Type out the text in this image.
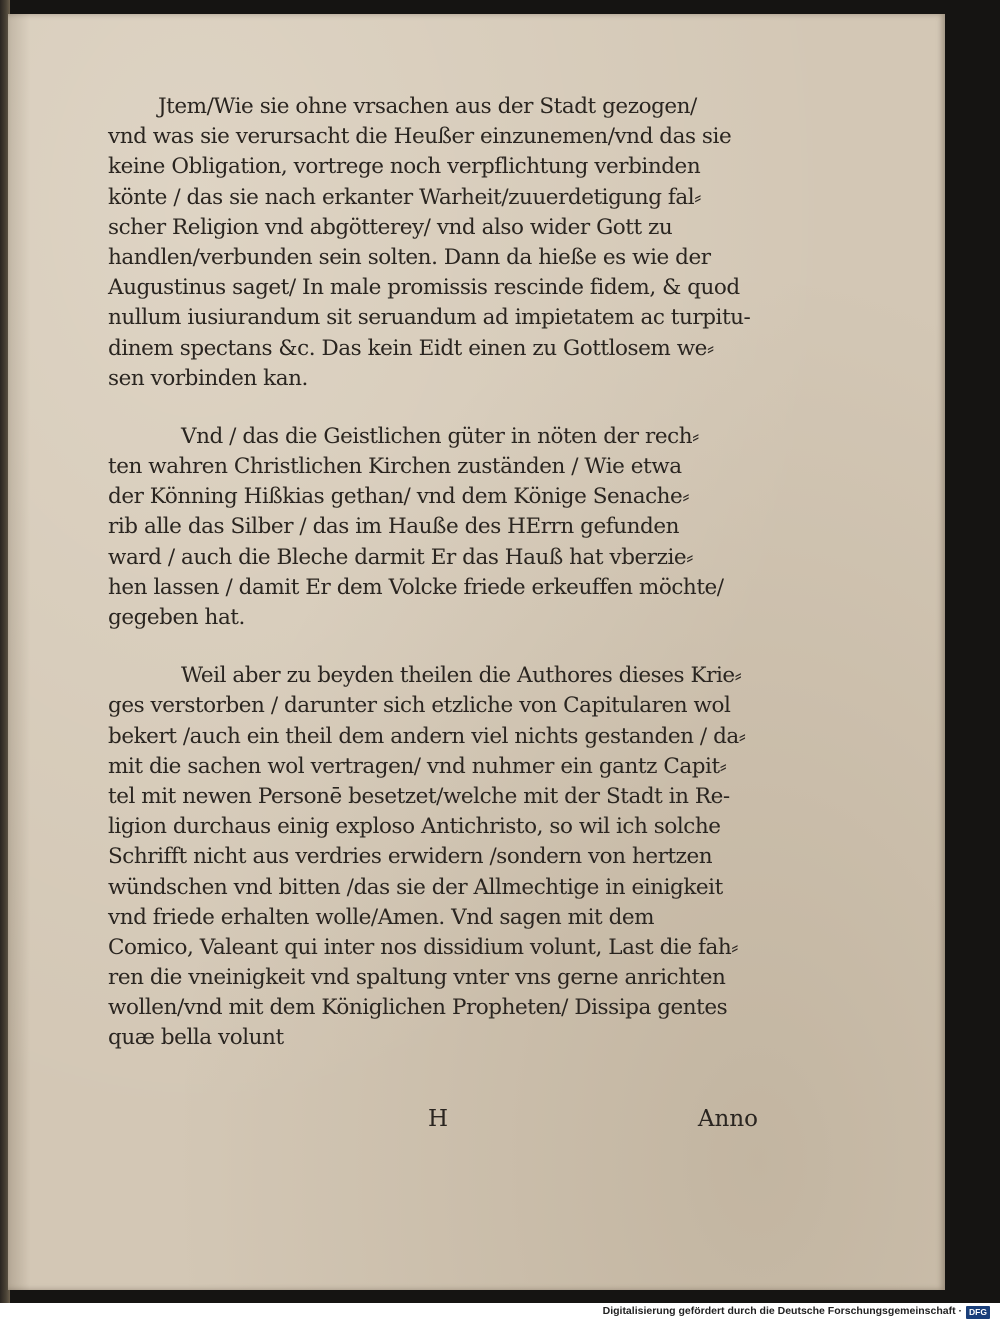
Jtem/Wie sie ohne vrsachen aus der Stadt gezogen/
vnd was sie verursacht die Heußer einzunemen/vnd das sie
keine Obligation, vortrege noch verpflichtung verbinden
könte / das sie nach erkanter Warheit/zuuerdetigung fal⸗
scher Religion vnd abgötterey/ vnd also wider Gott zu
handlen/verbunden sein solten. Dann da hieße es wie der
Augustinus saget/ In male promissis rescinde fidem, & quod
nullum iusiurandum sit seruandum ad impietatem ac turpitu-
dinem spectans &c. Das kein Eidt einen zu Gottlosem we⸗
sen vorbinden kan.
Vnd / das die Geistlichen güter in nöten der rech⸗
ten wahren Christlichen Kirchen zuständen / Wie etwa
der Könning Hißkias gethan/ vnd dem Könige Senache⸗
rib alle das Silber / das im Hauße des HErrn gefunden
ward / auch die Bleche darmit Er das Hauß hat vberzie⸗
hen lassen / damit Er dem Volcke friede erkeuffen möchte/
gegeben hat.
Weil aber zu beyden theilen die Authores dieses Krie⸗
ges verstorben / darunter sich etzliche von Capitularen wol
bekert /auch ein theil dem andern viel nichts gestanden / da⸗
mit die sachen wol vertragen/ vnd nuhmer ein gantz Capit⸗
tel mit newen Personē besetzet/welche mit der Stadt in Re-
ligion durchaus einig exploso Antichristo, so wil ich solche
Schrifft nicht aus verdries erwidern /sondern von hertzen
wündschen vnd bitten /das sie der Allmechtige in einigkeit
vnd friede erhalten wolle/Amen. Vnd sagen mit dem
Comico, Valeant qui inter nos dissidium volunt, Last die fah⸗
ren die vneinigkeit vnd spaltung vnter vns gerne anrichten
wollen/vnd mit dem Königlichen Propheten/ Dissipa gentes
quæ bella volunt
H	Anno
Digitalisierung gefördert durch die Deutsche Forschungsgemeinschaft · DFG
